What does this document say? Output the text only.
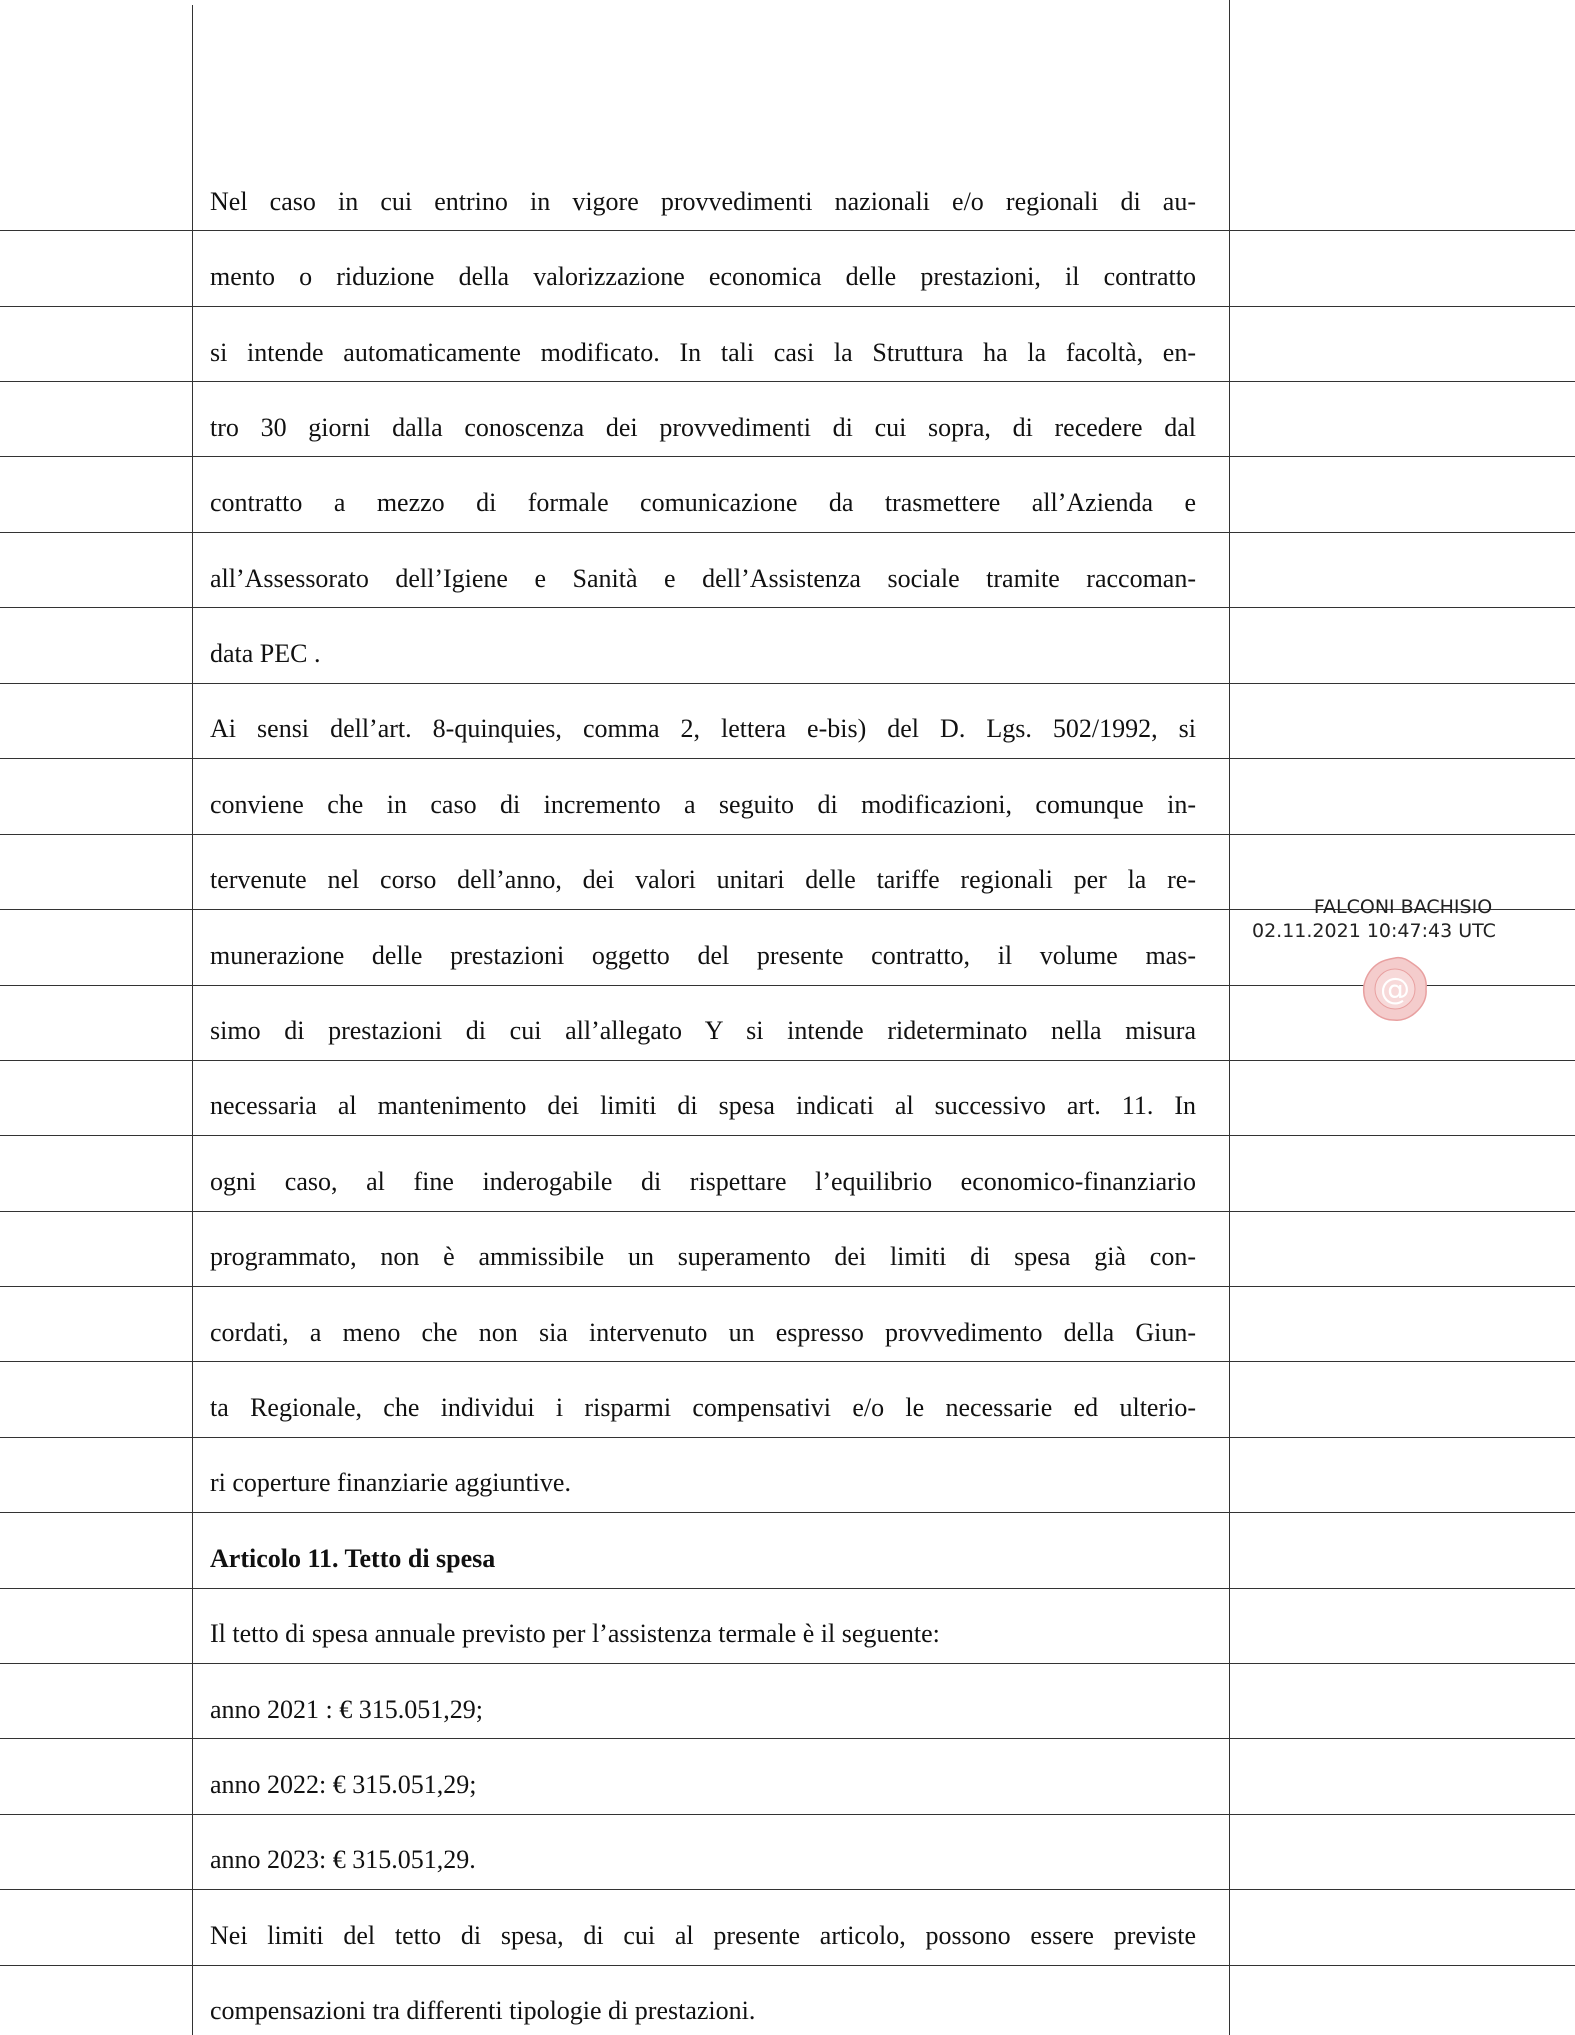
Nel caso in cui entrino in vigore provvedimenti nazionali e/o regionali di au-
mento o riduzione della valorizzazione economica delle prestazioni, il contratto
si intende automaticamente modificato. In tali casi la Struttura ha la facoltà, en-
tro 30 giorni dalla conoscenza dei provvedimenti di cui sopra, di recedere dal
contratto a mezzo di formale comunicazione da trasmettere all’Azienda e
all’Assessorato dell’Igiene e Sanità e dell’Assistenza sociale tramite raccoman-
data PEC .
Ai sensi dell’art. 8-quinquies, comma 2, lettera e-bis) del D. Lgs. 502/1992, si
conviene che in caso di incremento a seguito di modificazioni, comunque in-
tervenute nel corso dell’anno, dei valori unitari delle tariffe regionali per la re-
munerazione delle prestazioni oggetto del presente contratto, il volume mas-
simo di prestazioni di cui all’allegato Y si intende rideterminato nella misura
necessaria al mantenimento dei limiti di spesa indicati al successivo art. 11. In
ogni caso, al fine inderogabile di rispettare l’equilibrio economico-finanziario
programmato, non è ammissibile un superamento dei limiti di spesa già con-
cordati, a meno che non sia intervenuto un espresso provvedimento della Giun-
ta Regionale, che individui i risparmi compensativi e/o le necessarie ed ulterio-
ri coperture finanziarie aggiuntive.
Articolo 11. Tetto di spesa
Il tetto di spesa annuale previsto per l’assistenza termale è il seguente:
anno 2021 : € 315.051,29;
anno 2022: € 315.051,29;
anno 2023: € 315.051,29.
Nei limiti del tetto di spesa, di cui al presente articolo, possono essere previste
compensazioni tra differenti tipologie di prestazioni.
FALCONI BACHISIO
02.11.2021 10:47:43 UTC
@
